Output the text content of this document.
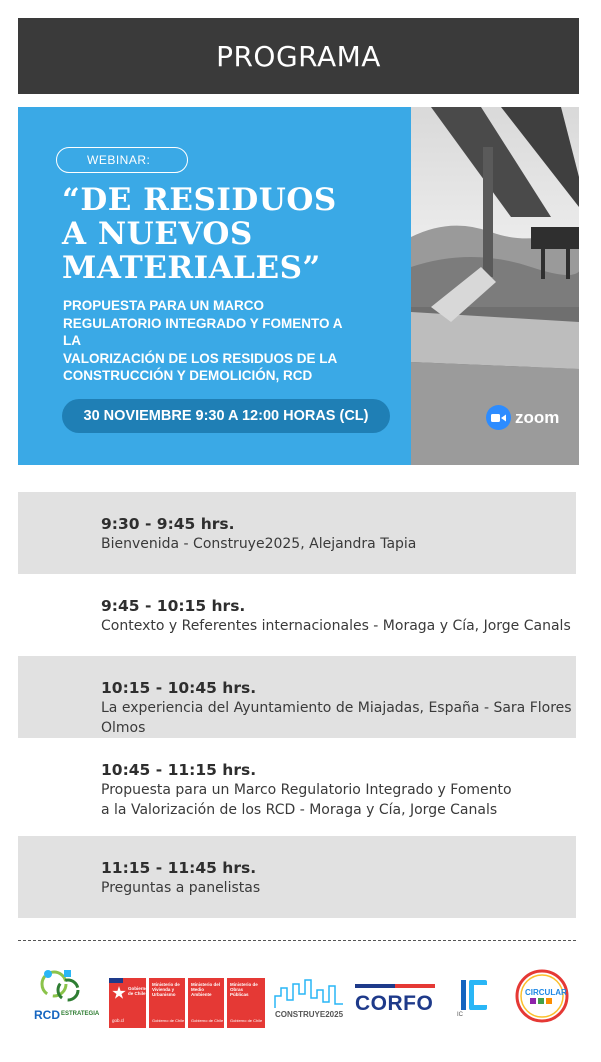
PROGRAMA
WEBINAR:
“DE RESIDUOS
A NUEVOS
MATERIALES”
PROPUESTA PARA UN MARCO
REGULATORIO INTEGRADO Y FOMENTO A LA
VALORIZACIÓN DE LOS RESIDUOS DE LA
CONSTRUCCIÓN Y DEMOLICIÓN, RCD
30 NOVIEMBRE 9:30 A 12:00 HORAS (CL)	zoom
9:30 - 9:45 hrs.
Bienvenida - Construye2025, Alejandra Tapia
9:45 - 10:15 hrs.
Contexto y Referentes internacionales - Moraga y Cía, Jorge Canals
10:15 - 10:45 hrs.
La experiencia del Ayuntamiento de Miajadas, España - Sara Flores Olmos
10:45 - 11:15 hrs.
Propuesta para un Marco Regulatorio Integrado y Fomento
a la Valorización de los RCD - Moraga y Cía, Jorge Canals
11:15 - 11:45 hrs.
Preguntas a panelistas
RCD ESTRATEGIA
Gobierno
de Chile
gob.cl
Ministerio de
Vivienda y
Urbanismo
Gobierno de Chile
Ministerio del
Medio
Ambiente
Gobierno de Chile
Ministerio de
Obras
Públicas
Gobierno de Chile
CONSTRUYE2025 CORFO	IC
CIRCULAR
